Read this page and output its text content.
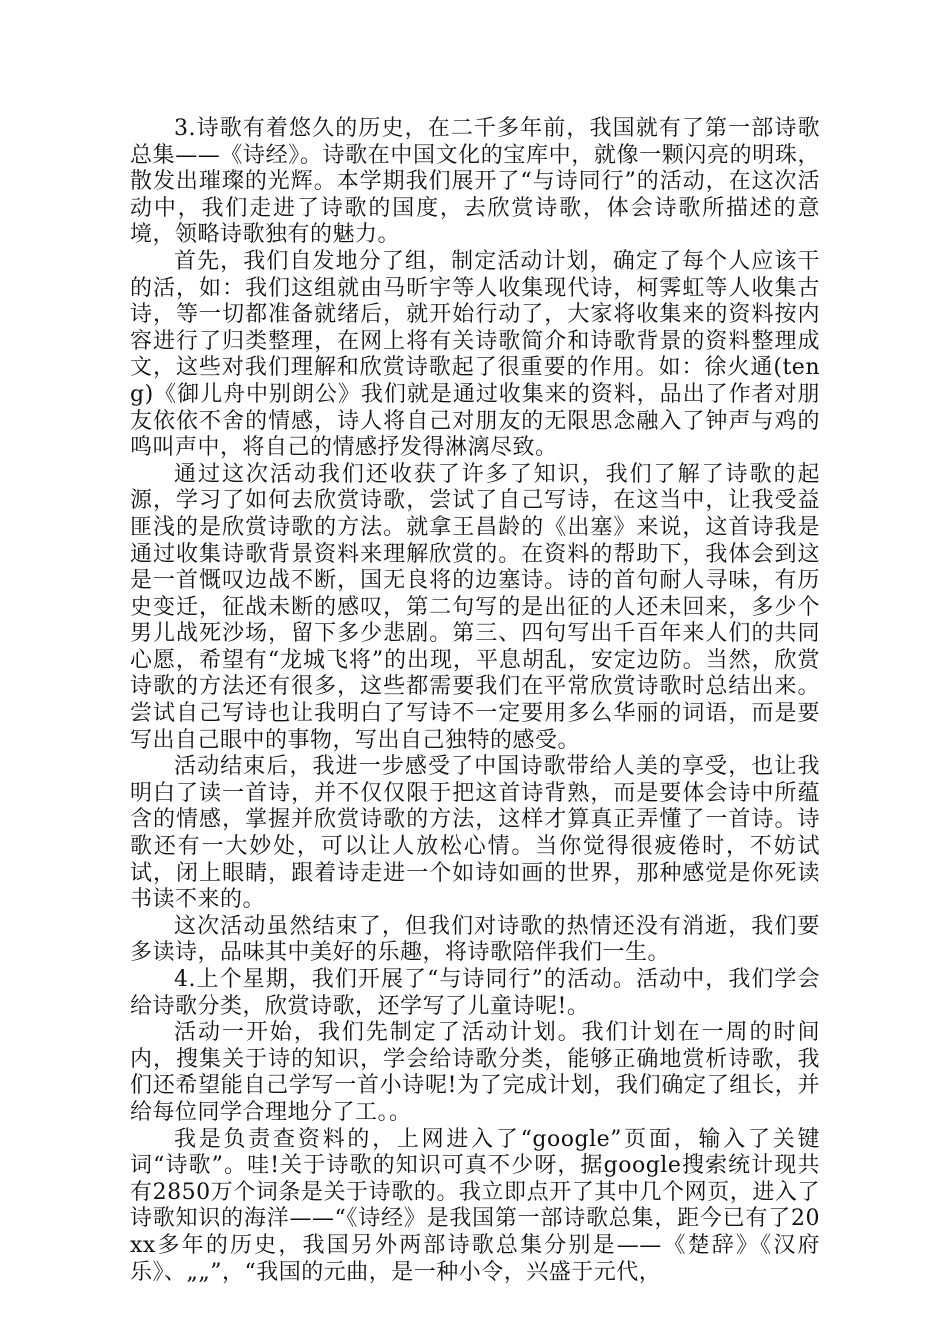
3.诗歌有着悠久的历史，在二千多年前，我国就有了第一部诗歌总集——《诗经》。诗歌在中国文化的宝库中，就像一颗闪亮的明珠，散发出璀璨的光辉。本学期我们展开了“与诗同行”的活动，在这次活动中，我们走进了诗歌的国度，去欣赏诗歌，体会诗歌所描述的意境，领略诗歌独有的魅力。

首先，我们自发地分了组，制定活动计划，确定了每个人应该干的活，如：我们这组就由马昕宇等人收集现代诗，柯霁虹等人收集古诗，等一切都准备就绪后，就开始行动了，大家将收集来的资料按内容进行了归类整理，在网上将有关诗歌简介和诗歌背景的资料整理成文，这些对我们理解和欣赏诗歌起了很重要的作用。如：徐火通(teng)《御儿舟中别朗公》我们就是通过收集来的资料，品出了作者对朋友依依不舍的情感，诗人将自己对朋友的无限思念融入了钟声与鸡的鸣叫声中，将自己的情感抒发得淋漓尽致。

通过这次活动我们还收获了许多了知识，我们了解了诗歌的起源，学习了如何去欣赏诗歌，尝试了自己写诗，在这当中，让我受益匪浅的是欣赏诗歌的方法。就拿王昌龄的《出塞》来说，这首诗我是通过收集诗歌背景资料来理解欣赏的。在资料的帮助下，我体会到这是一首慨叹边战不断，国无良将的边塞诗。诗的首句耐人寻味，有历史变迁，征战未断的感叹，第二句写的是出征的人还未回来，多少个男儿战死沙场，留下多少悲剧。第三、四句写出千百年来人们的共同心愿，希望有“龙城飞将”的出现，平息胡乱，安定边防。当然，欣赏诗歌的方法还有很多，这些都需要我们在平常欣赏诗歌时总结出来。尝试自己写诗也让我明白了写诗不一定要用多么华丽的词语，而是要写出自己眼中的事物，写出自己独特的感受。

活动结束后，我进一步感受了中国诗歌带给人美的享受，也让我明白了读一首诗，并不仅仅限于把这首诗背熟，而是要体会诗中所蕴含的情感，掌握并欣赏诗歌的方法，这样才算真正弄懂了一首诗。诗歌还有一大妙处，可以让人放松心情。当你觉得很疲倦时，不妨试试，闭上眼睛，跟着诗走进一个如诗如画的世界，那种感觉是你死读书读不来的。

这次活动虽然结束了，但我们对诗歌的热情还没有消逝，我们要多读诗，品味其中美好的乐趣，将诗歌陪伴我们一生。

4.上个星期，我们开展了“与诗同行”的活动。活动中，我们学会给诗歌分类，欣赏诗歌，还学写了儿童诗呢!。

活动一开始，我们先制定了活动计划。我们计划在一周的时间内，搜集关于诗的知识，学会给诗歌分类，能够正确地赏析诗歌，我们还希望能自己学写一首小诗呢!为了完成计划，我们确定了组长，并给每位同学合理地分了工。。

我是负责查资料的，上网进入了“google”页面，输入了关键词“诗歌”。哇!关于诗歌的知识可真不少呀，据google搜索统计现共有2850万个词条是关于诗歌的。我立即点开了其中几个网页，进入了诗歌知识的海洋——“《诗经》是我国第一部诗歌总集，距今已有了20xx多年的历史，我国另外两部诗歌总集分别是——《楚辞》《汉府乐》、„„”，“我国的元曲，是一种小令，兴盛于元代，
